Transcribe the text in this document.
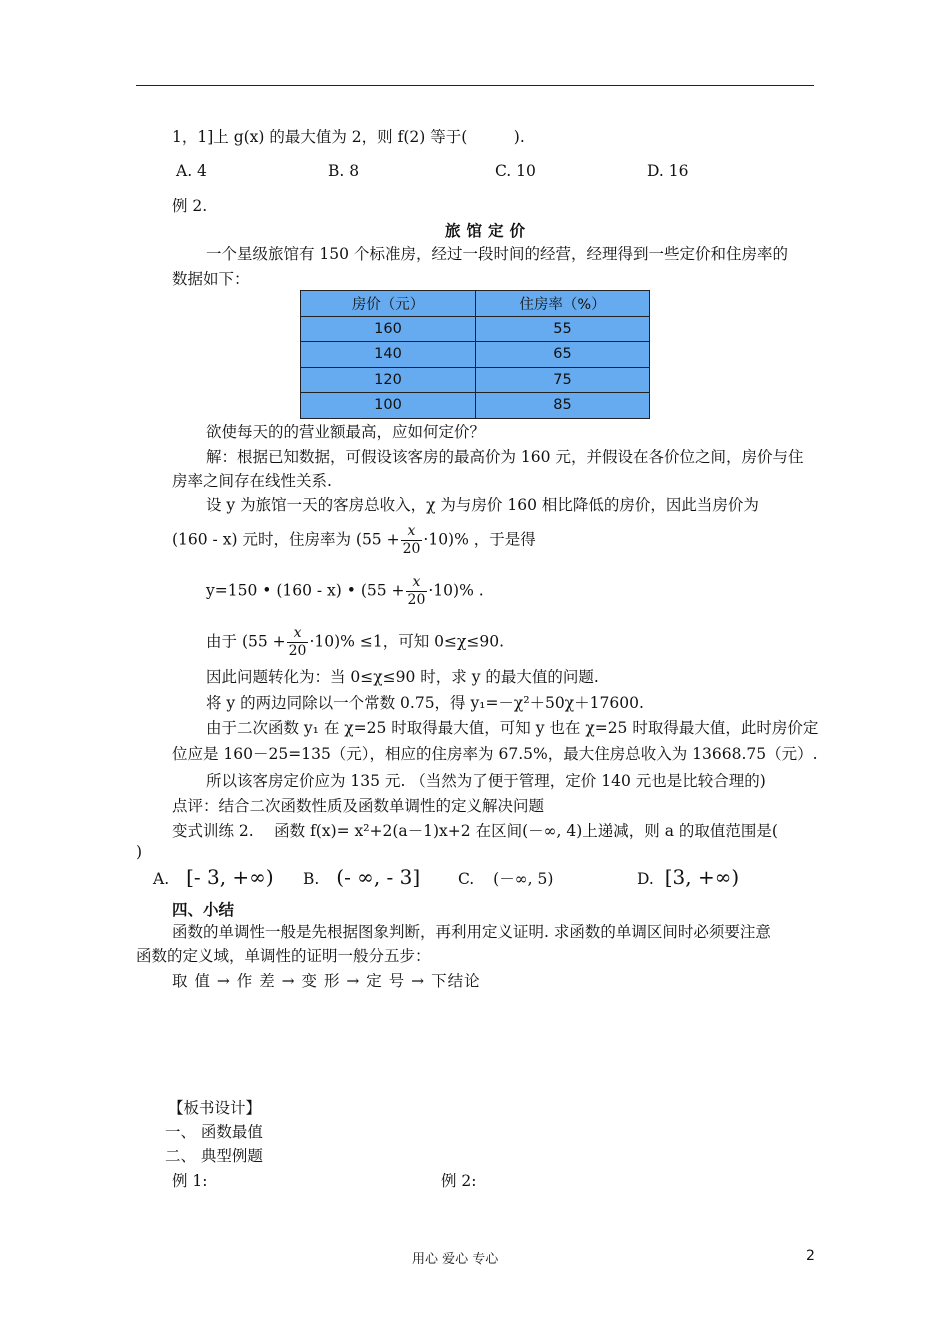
1，1]上 g(x) 的最大值为 2，则 f(2) 等于(　　　).
A. 4	B. 8	C. 10	D. 16
例 2.
旅馆定价
一个星级旅馆有 150 个标准房，经过一段时间的经营，经理得到一些定价和住房率的
数据如下：
房价（元）	住房率（%）
160	55
140	65
120	75
100	85
欲使每天的的营业额最高，应如何定价？
解：根据已知数据，可假设该客房的最高价为 160 元，并假设在各价位之间，房价与住
房率之间存在线性关系.
设 y 为旅馆一天的客房总收入，χ 为与房价 160 相比降低的房价，因此当房价为
(160 - x) 元时，住房率为 $(55 + \frac{x}{20} \cdot 10)\%$ ，于是得
y=150 • (160 - x) • $(55 + \frac{x}{20} \cdot 10)\%$ .
由于 $(55 + \frac{x}{20} \cdot 10)\% \le 1$，可知 0≤χ≤90.
因此问题转化为：当 0≤χ≤90 时，求 y 的最大值的问题.
将 y 的两边同除以一个常数 0.75，得 y₁=－χ²＋50χ＋17600.
由于二次函数 y₁ 在 χ=25 时取得最大值，可知 y 也在 χ=25 时取得最大值，此时房价定
位应是 160－25=135（元），相应的住房率为 67.5%，最大住房总收入为 13668.75（元）.
所以该客房定价应为 135 元. （当然为了便于管理，定价 140 元也是比较合理的)
点评：结合二次函数性质及函数单调性的定义解决问题
变式训练 2.　 函数 f(x)= x²+2(a－1)x+2 在区间(－∞, 4)上递减，则 a 的取值范围是(
)
A. [- 3, +∞) B. (- ∞, - 3] C. (－∞, 5)	D. [3, +∞)
四、小结
函数的单调性一般是先根据图象判断，再利用定义证明. 求函数的单调区间时必须要注意
函数的定义域，单调性的证明一般分五步：
取 值 → 作 差 → 变 形 → 定 号 → 下结论
【板书设计】
一、 函数最值
二、 典型例题
例 1:	例 2:
用心 爱心 专心	2
